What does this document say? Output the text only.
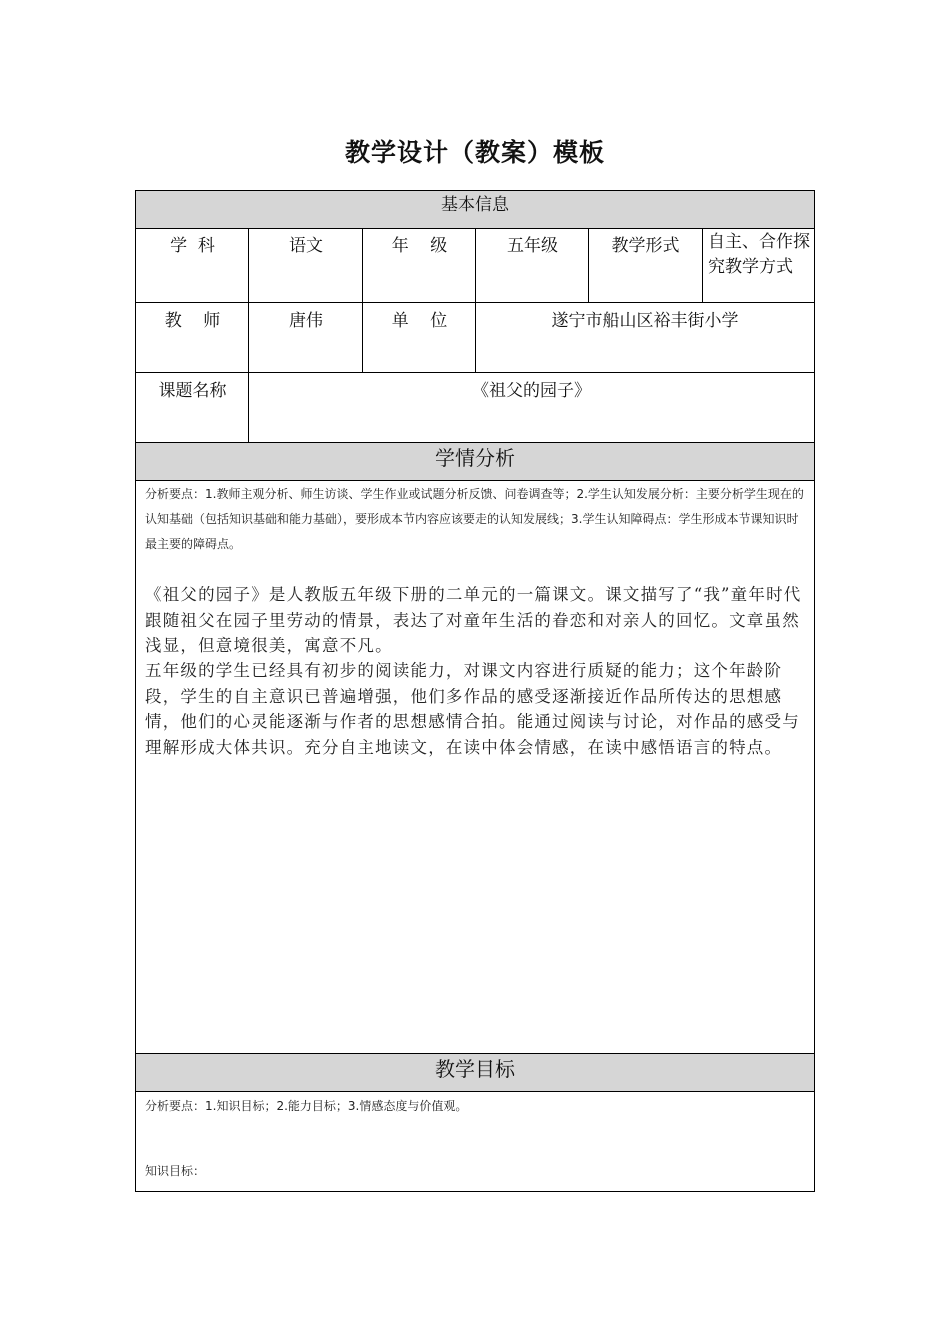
教学设计（教案）模板
基本信息
学  科	语文	年    级	五年级	教学形式	自主、合作探究教学方式
教    师	唐伟	单    位	遂宁市船山区裕丰街小学
课题名称	《祖父的园子》
学情分析
分析要点：1.教师主观分析、师生访谈、学生作业或试题分析反馈、问卷调查等；2.学生认知发展分析：主要分析学生现在的认知基础（包括知识基础和能力基础），要形成本节内容应该要走的认知发展线；3.学生认知障碍点：学生形成本节课知识时最主要的障碍点。
《祖父的园子》是人教版五年级下册的二单元的一篇课文。课文描写了“我”童年时代跟随祖父在园子里劳动的情景，表达了对童年生活的眷恋和对亲人的回忆。文章虽然浅显，但意境很美，寓意不凡。
五年级的学生已经具有初步的阅读能力，对课文内容进行质疑的能力；这个年龄阶段，学生的自主意识已普遍增强，他们多作品的感受逐渐接近作品所传达的思想感情，他们的心灵能逐渐与作者的思想感情合拍。能通过阅读与讨论，对作品的感受与理解形成大体共识。充分自主地读文，在读中体会情感，在读中感悟语言的特点。
教学目标
分析要点：1.知识目标；2.能力目标；3.情感态度与价值观。
知识目标：
